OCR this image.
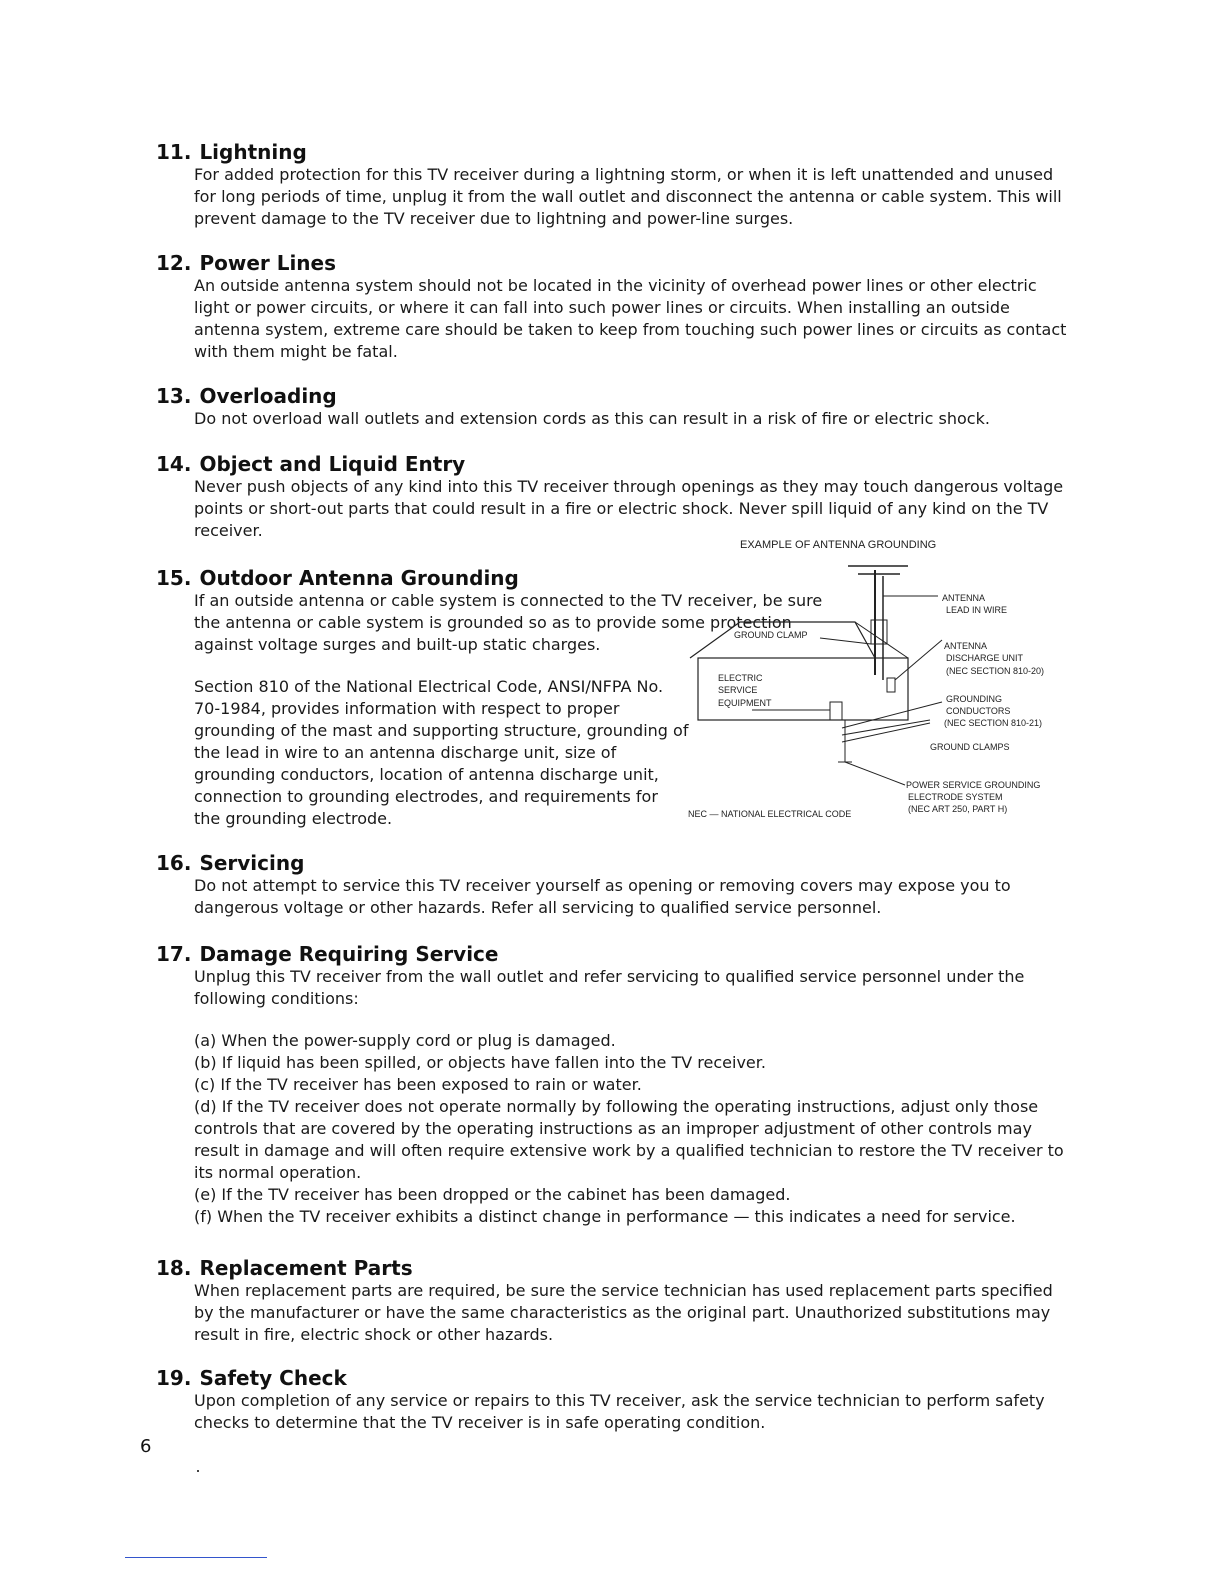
11. Lightning

For added protection for this TV receiver during a lightning storm, or when it is left unattended and unused for long periods of time, unplug it from the wall outlet and disconnect the antenna or cable system. This will prevent damage to the TV receiver due to lightning and power-line surges.

12. Power Lines

An outside antenna system should not be located in the vicinity of overhead power lines or other electric light or power circuits, or where it can fall into such power lines or circuits. When installing an outside antenna system, extreme care should be taken to keep from touching such power lines or circuits as contact with them might be fatal.

13. Overloading

Do not overload wall outlets and extension cords as this can result in a risk of fire or electric shock.

14. Object and Liquid Entry

Never push objects of any kind into this TV receiver through openings as they may touch dangerous voltage points or short-out parts that could result in a fire or electric shock. Never spill liquid of any kind on the TV receiver.

15. Outdoor Antenna Grounding

If an outside antenna or cable system is connected to the TV receiver, be sure the antenna or cable system is grounded so as to provide some protection against voltage surges and built-up static charges.

Section 810 of the National Electrical Code, ANSI/NFPA No. 70-1984, provides information with respect to proper grounding of the mast and supporting structure, grounding of the lead in wire to an antenna discharge unit, size of grounding conductors, location of antenna discharge unit, connection to grounding electrodes, and requirements for the grounding electrode.

EXAMPLE OF ANTENNA GROUNDING
ANTENNA
LEAD IN WIRE
GROUND CLAMP
ANTENNA
DISCHARGE UNIT
(NEC SECTION 810-20)
ELECTRIC
SERVICE
EQUIPMENT	GROUNDING
CONDUCTORS
(NEC SECTION 810-21)
GROUND CLAMPS
POWER SERVICE GROUNDING
ELECTRODE SYSTEM
(NEC ART 250, PART H)
NEC — NATIONAL ELECTRICAL CODE
16. Servicing

Do not attempt to service this TV receiver yourself as opening or removing covers may expose you to dangerous voltage or other hazards. Refer all servicing to qualified service personnel.

17. Damage Requiring Service

Unplug this TV receiver from the wall outlet and refer servicing to qualified service personnel under the following conditions:

(a) When the power-supply cord or plug is damaged.

(b) If liquid has been spilled, or objects have fallen into the TV receiver.

(c) If the TV receiver has been exposed to rain or water.

(d) If the TV receiver does not operate normally by following the operating instructions, adjust only those controls that are covered by the operating instructions as an improper adjustment of other controls may result in damage and will often require extensive work by a qualified technician to restore the TV receiver to its normal operation.

(e) If the TV receiver has been dropped or the cabinet has been damaged.

(f) When the TV receiver exhibits a distinct change in performance — this indicates a need for service.

18. Replacement Parts

When replacement parts are required, be sure the service technician has used replacement parts specified by the manufacturer or have the same characteristics as the original part. Unauthorized substitutions may result in fire, electric shock or other hazards.

19. Safety Check

Upon completion of any service or repairs to this TV receiver, ask the service technician to perform safety checks to determine that the TV receiver is in safe operating condition.

6
